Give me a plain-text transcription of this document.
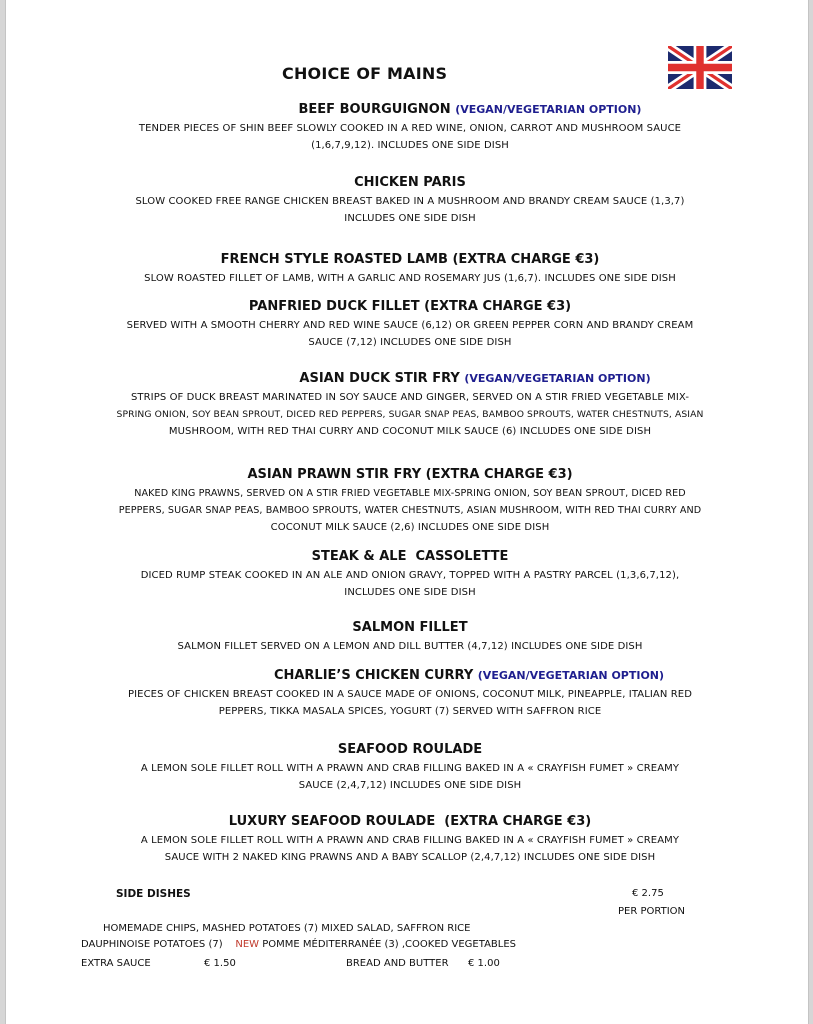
CHOICE OF MAINS
BEEF BOURGUIGNON (VEGAN/VEGETARIAN OPTION)
TENDER PIECES OF SHIN BEEF SLOWLY COOKED IN A RED WINE, ONION, CARROT AND MUSHROOM SAUCE
(1,6,7,9,12). INCLUDES ONE SIDE DISH
CHICKEN PARIS
SLOW COOKED FREE RANGE CHICKEN BREAST BAKED IN A MUSHROOM AND BRANDY CREAM SAUCE (1,3,7)
INCLUDES ONE SIDE DISH
FRENCH STYLE ROASTED LAMB (EXTRA CHARGE €3)
SLOW ROASTED FILLET OF LAMB, WITH A GARLIC AND ROSEMARY JUS (1,6,7). INCLUDES ONE SIDE DISH
PANFRIED DUCK FILLET (EXTRA CHARGE €3)
SERVED WITH A SMOOTH CHERRY AND RED WINE SAUCE (6,12) OR GREEN PEPPER CORN AND BRANDY CREAM
SAUCE (7,12) INCLUDES ONE SIDE DISH
ASIAN DUCK STIR FRY (VEGAN/VEGETARIAN OPTION)
STRIPS OF DUCK BREAST MARINATED IN SOY SAUCE AND GINGER, SERVED ON A STIR FRIED VEGETABLE MIX-
SPRING ONION, SOY BEAN SPROUT, DICED RED PEPPERS, SUGAR SNAP PEAS, BAMBOO SPROUTS, WATER CHESTNUTS, ASIAN
MUSHROOM, WITH RED THAI CURRY AND COCONUT MILK SAUCE (6) INCLUDES ONE SIDE DISH
ASIAN PRAWN STIR FRY (EXTRA CHARGE €3)
NAKED KING PRAWNS, SERVED ON A STIR FRIED VEGETABLE MIX-SPRING ONION, SOY BEAN SPROUT, DICED RED
PEPPERS, SUGAR SNAP PEAS, BAMBOO SPROUTS, WATER CHESTNUTS, ASIAN MUSHROOM, WITH RED THAI CURRY AND
COCONUT MILK SAUCE (2,6) INCLUDES ONE SIDE DISH
STEAK & ALE  CASSOLETTE
DICED RUMP STEAK COOKED IN AN ALE AND ONION GRAVY, TOPPED WITH A PASTRY PARCEL (1,3,6,7,12),
INCLUDES ONE SIDE DISH
SALMON FILLET
SALMON FILLET SERVED ON A LEMON AND DILL BUTTER (4,7,12) INCLUDES ONE SIDE DISH
CHARLIE’S CHICKEN CURRY (VEGAN/VEGETARIAN OPTION)
PIECES OF CHICKEN BREAST COOKED IN A SAUCE MADE OF ONIONS, COCONUT MILK, PINEAPPLE, ITALIAN RED
PEPPERS, TIKKA MASALA SPICES, YOGURT (7) SERVED WITH SAFFRON RICE
SEAFOOD ROULADE
A LEMON SOLE FILLET ROLL WITH A PRAWN AND CRAB FILLING BAKED IN A « CRAYFISH FUMET » CREAMY
SAUCE (2,4,7,12) INCLUDES ONE SIDE DISH
LUXURY SEAFOOD ROULADE  (EXTRA CHARGE €3)
A LEMON SOLE FILLET ROLL WITH A PRAWN AND CRAB FILLING BAKED IN A « CRAYFISH FUMET » CREAMY
SAUCE WITH 2 NAKED KING PRAWNS AND A BABY SCALLOP (2,4,7,12) INCLUDES ONE SIDE DISH
SIDE DISHES	€ 2.75
PER PORTION
HOMEMADE CHIPS, MASHED POTATOES (7) MIXED SALAD, SAFFRON RICE
DAUPHINOISE POTATOES (7) NEW POMME MÉDITERRANÉE (3) ,COOKED VEGETABLES
EXTRA SAUCE	€ 1.50	BREAD AND BUTTER € 1.00
